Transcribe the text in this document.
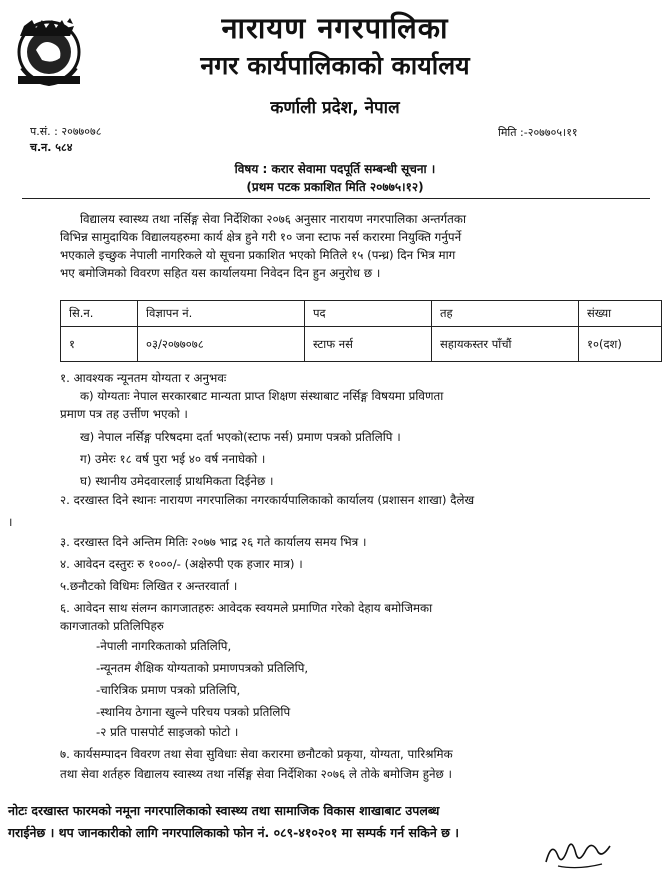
नारायण नगरपालिका
नगर कार्यपालिकाको कार्यालय
कर्णाली प्रदेश, नेपाल
प.सं. : २०७७०७८
च.न. ५८४
मिति :-२०७७०५।११
विषय : करार सेवामा पदपूर्ति सम्बन्धी सूचना ।
(प्रथम पटक प्रकाशित मिति २०७७५।१२)
विद्यालय स्वास्थ्य तथा नर्सिङ्ग सेवा निर्देशिका २०७६ अनुसार नारायण नगरपालिका अन्तर्गतका
विभिन्न सामुदायिक विद्यालयहरुमा कार्य क्षेत्र हुने गरी १० जना स्टाफ नर्स करारमा नियुक्ति गर्नुपर्ने
भएकाले इच्छुक नेपाली नागरिकले यो सूचना प्रकाशित भएको मितिले १५ (पन्ध्र) दिन भित्र माग
भए बमोजिमको विवरण सहित यस कार्यालयमा निवेदन दिन हुन अनुरोध छ ।
सि.न.	विज्ञापन नं.	पद	तह	संख्या
१	०३/२०७७०७८	स्टाफ नर्स	सहायकस्तर पाँचौं	१०(दश)
१. आवश्यक न्यूनतम योग्यता र अनुभवः
क) योग्यताः नेपाल सरकारबाट मान्यता प्राप्त शिक्षण संस्थाबाट नर्सिङ्ग विषयमा प्रविणता
प्रमाण पत्र तह उर्त्तीण भएको ।
ख) नेपाल नर्सिङ्ग परिषदमा दर्ता भएको(स्टाफ नर्स) प्रमाण पत्रको प्रतिलिपि ।
ग) उमेरः १८ वर्ष पुरा भई ४० वर्ष ननाघेको ।
घ) स्थानीय उमेदवारलाई प्राथमिकता दिईनेछ ।
२. दरखास्त दिने स्थानः नारायण नगरपालिका नगरकार्यपालिकाको कार्यालय (प्रशासन शाखा) दैलेख
।
३. दरखास्त दिने अन्तिम मितिः २०७७ भाद्र २६ गते कार्यालय समय भित्र ।
४. आवेदन दस्तुरः रु १०००/- (अक्षेरुपी एक हजार मात्र) ।
५.छनौटको विधिमः लिखित र अन्तरवार्ता ।
६. आवेदन साथ संलग्न कागजातहरुः आवेदक स्वयमले प्रमाणित गरेको देहाय बमोजिमका
कागजातको प्रतिलिपिहरु
-नेपाली नागरिकताको प्रतिलिपि,
-न्यूनतम शैक्षिक योग्यताको प्रमाणपत्रको प्रतिलिपि,
-चारित्रिक प्रमाण पत्रको प्रतिलिपि,
-स्थानिय ठेगाना खुल्ने परिचय पत्रको प्रतिलिपि
-२ प्रति पासपोर्ट साइजको फोटो ।
७. कार्यसम्पादन विवरण तथा सेवा सुविधाः सेवा करारमा छनौटको प्रकृया, योग्यता, पारिश्रमिक
तथा सेवा शर्तहरु विद्यालय स्वास्थ्य तथा नर्सिङ्ग सेवा निर्देशिका २०७६ ले तोके बमोजिम हुनेछ ।
नोटः दरखास्त फारमको नमूना नगरपालिकाको स्वास्थ्य तथा सामाजिक विकास शाखाबाट उपलब्ध
गराईनेछ । थप जानकारीको लागि नगरपालिकाको फोन नं. ०८९-४१०२०१ मा सम्पर्क गर्न सकिने छ ।
